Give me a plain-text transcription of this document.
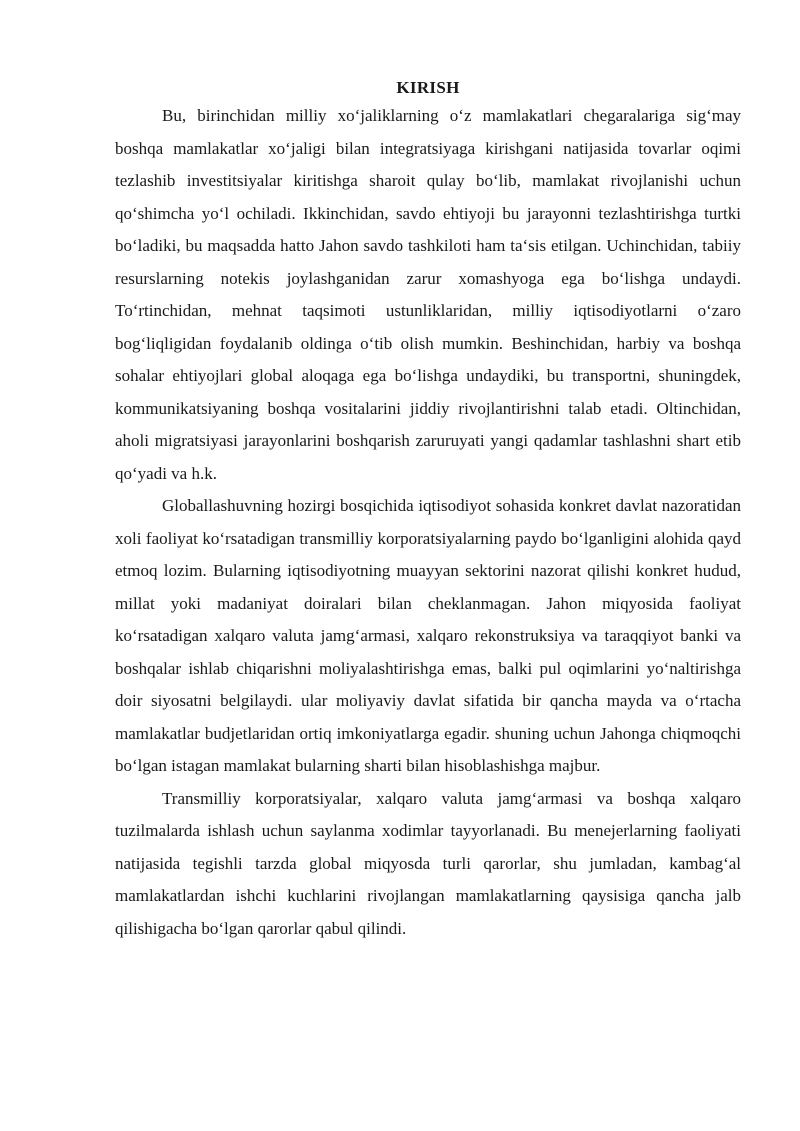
KIRISH

Bu, birinchidan milliy xo‘jaliklarning o‘z mamlakatlari chegaralariga sig‘may boshqa mamlakatlar xo‘jaligi bilan integratsiyaga kirishgani natijasida tovarlar oqimi tezlashib investitsiyalar kiritishga sharoit qulay bo‘lib, mamlakat rivojlanishi uchun qo‘shimcha yo‘l ochiladi. Ikkinchidan, savdo ehtiyoji bu jarayonni tezlashtirishga turtki bo‘ladiki, bu maqsadda hatto Jahon savdo tashkiloti ham ta‘sis etilgan. Uchinchidan, tabiiy resurslarning notekis joylashganidan zarur xomashyoga ega bo‘lishga undaydi. To‘rtinchidan, mehnat taqsimoti ustunliklaridan, milliy iqtisodiyotlarni o‘zaro bog‘liqligidan foydalanib oldinga o‘tib olish mumkin. Beshinchidan, harbiy va boshqa sohalar ehtiyojlari global aloqaga ega bo‘lishga undaydiki, bu transportni, shuningdek, kommunikatsiyaning boshqa vositalarini jiddiy rivojlantirishni talab etadi. Oltinchidan, aholi migratsiyasi jarayonlarini boshqarish zaruruyati yangi qadamlar tashlashni shart etib qo‘yadi va h.k.

Globallashuvning hozirgi bosqichida iqtisodiyot sohasida konkret davlat nazoratidan xoli faoliyat ko‘rsatadigan transmilliy korporatsiyalarning paydo bo‘lganligini alohida qayd etmoq lozim. Bularning iqtisodiyotning muayyan sektorini nazorat qilishi konkret hudud, millat yoki madaniyat doiralari bilan cheklanmagan. Jahon miqyosida faoliyat ko‘rsatadigan xalqaro valuta jamg‘armasi, xalqaro rekonstruksiya va taraqqiyot banki va boshqalar ishlab chiqarishni moliyalashtirishga emas, balki pul oqimlarini yo‘naltirishga doir siyosatni belgilaydi. ular moliyaviy davlat sifatida bir qancha mayda va o‘rtacha mamlakatlar budjetlaridan ortiq imkoniyatlarga egadir. shuning uchun Jahonga chiqmoqchi bo‘lgan istagan mamlakat bularning sharti bilan hisoblashishga majbur.

Transmilliy korporatsiyalar, xalqaro valuta jamg‘armasi va boshqa xalqaro tuzilmalarda ishlash uchun saylanma xodimlar tayyorlanadi. Bu menejerlarning faoliyati natijasida tegishli tarzda global miqyosda turli qarorlar, shu jumladan, kambag‘al mamlakatlardan ishchi kuchlarini rivojlangan mamlakatlarning qaysisiga qancha jalb qilishigacha bo‘lgan qarorlar qabul qilindi.
